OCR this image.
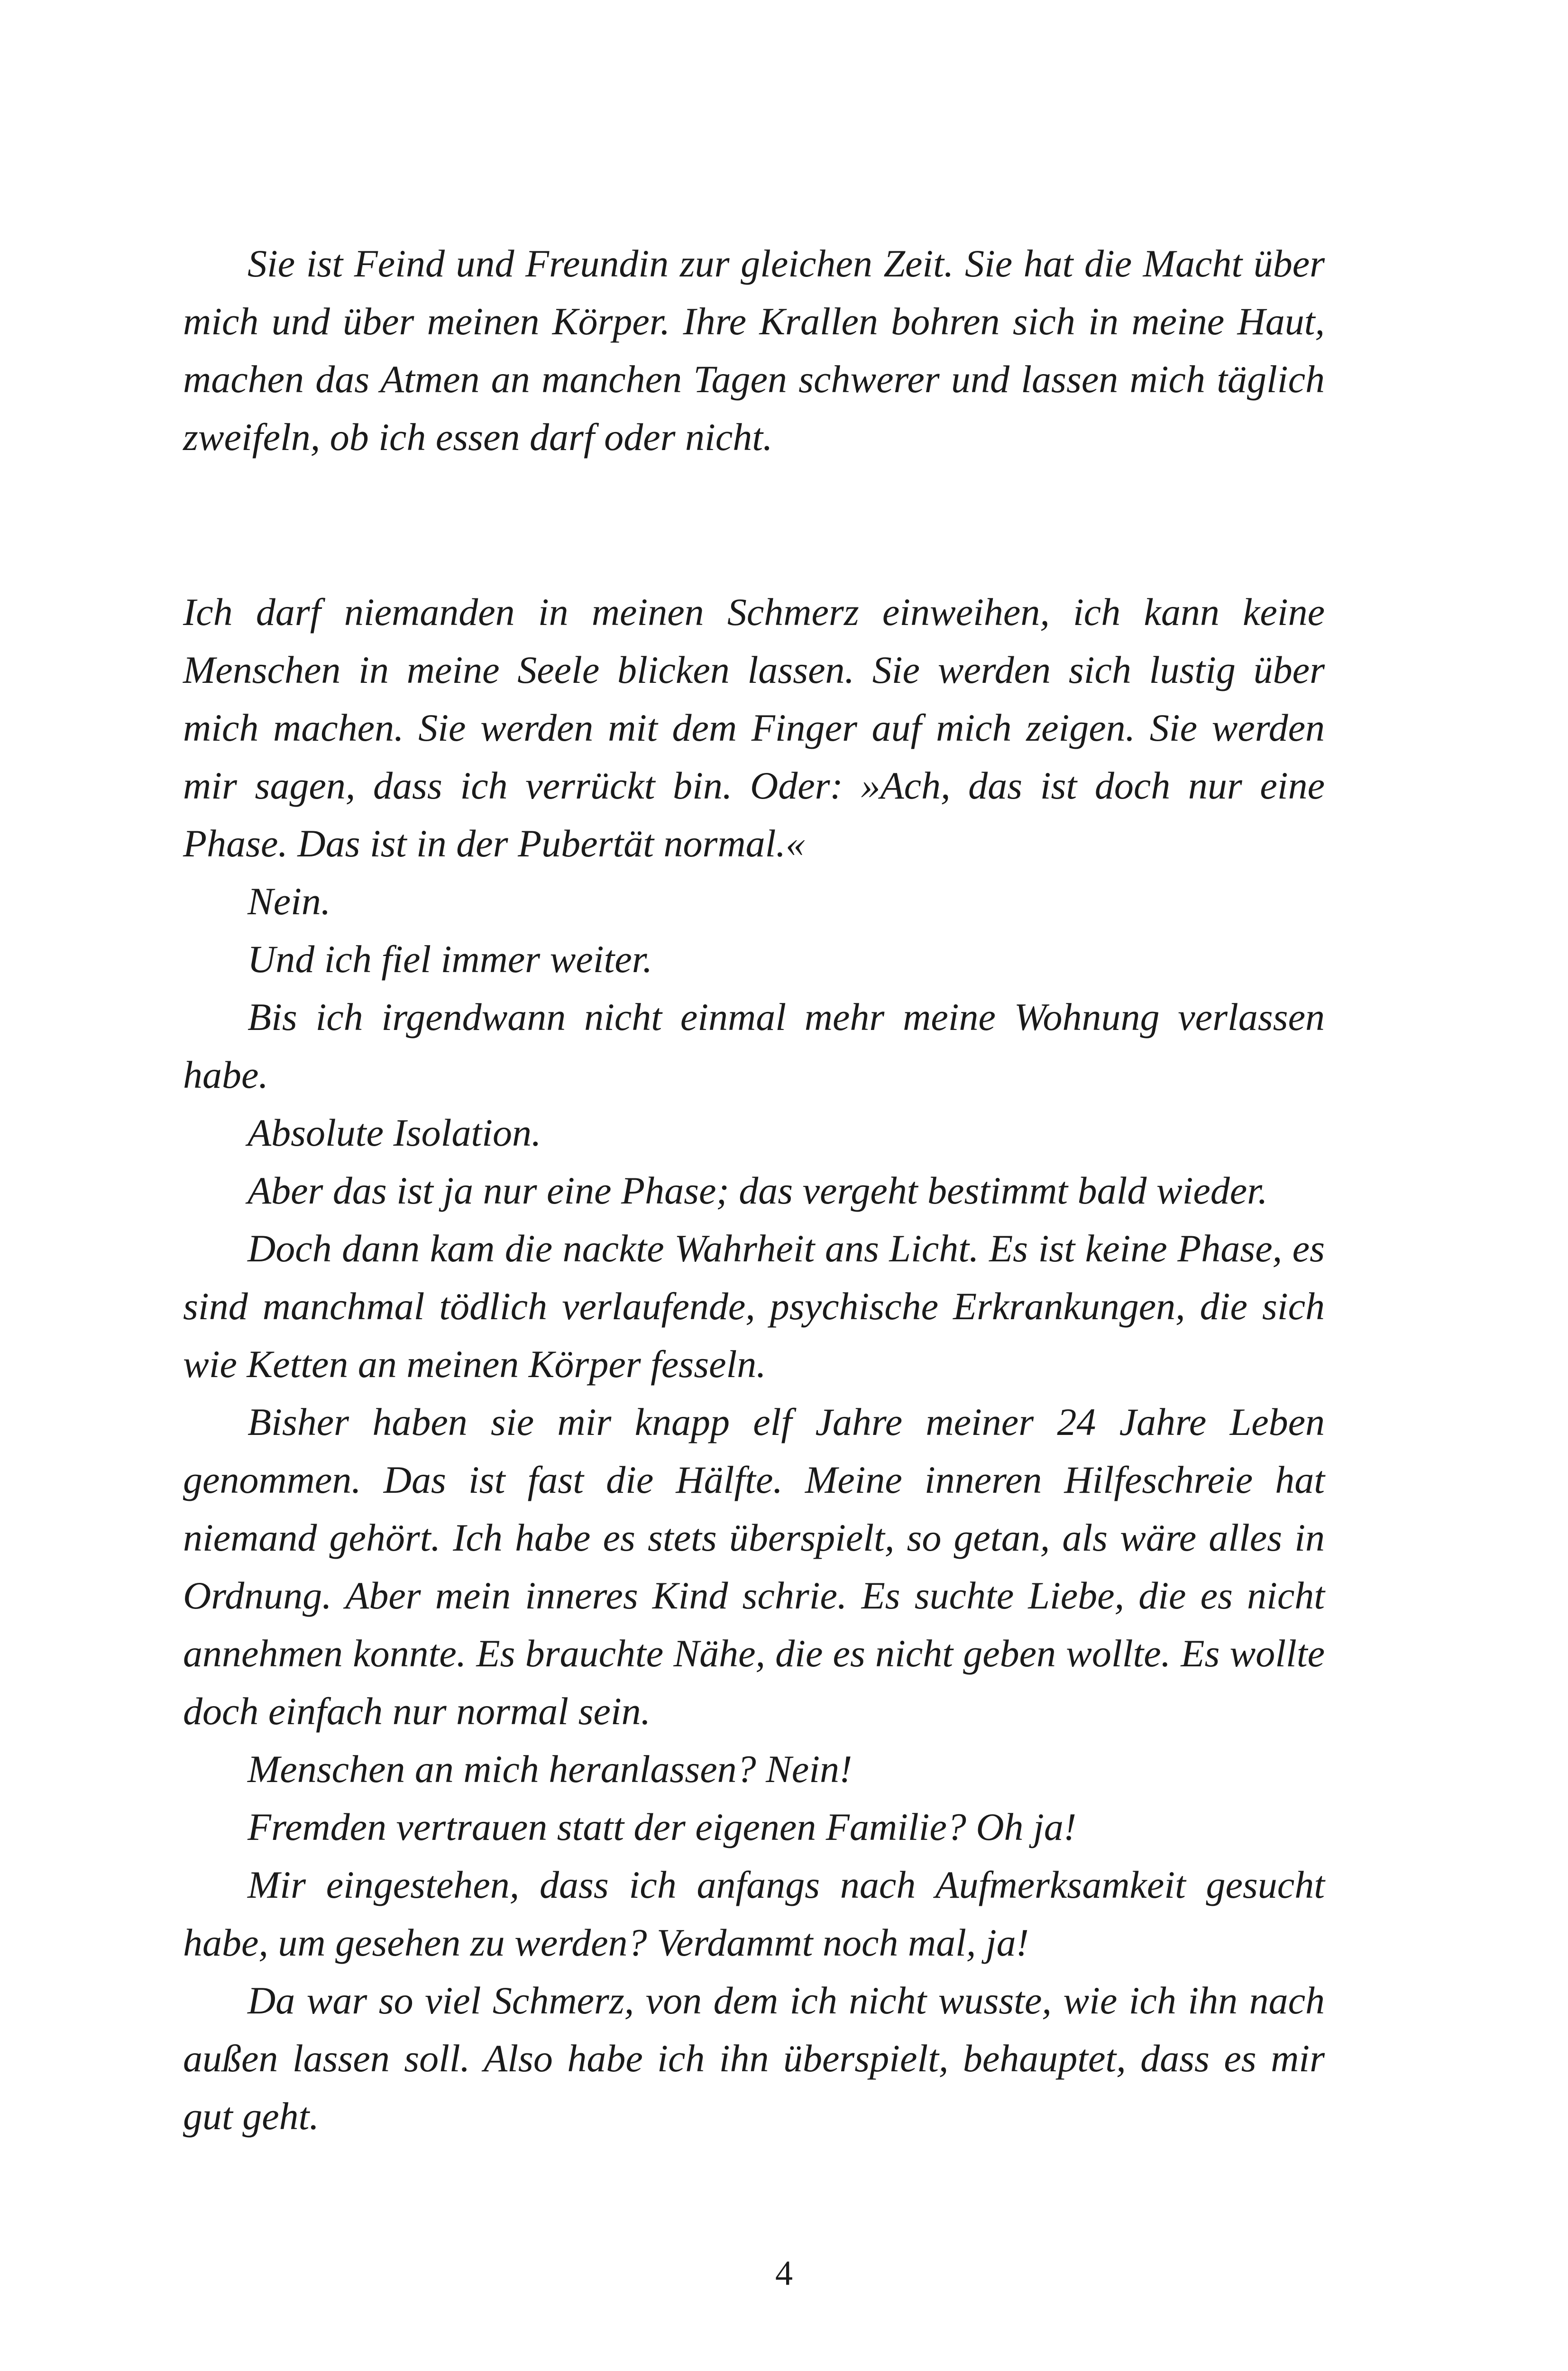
Sie ist Feind und Freundin zur gleichen Zeit. Sie hat die Macht über mich und über meinen Körper. Ihre Krallen bohren sich in meine Haut, machen das Atmen an manchen Tagen schwerer und lassen mich täglich zweifeln, ob ich essen darf oder nicht.

Ich darf niemanden in meinen Schmerz einweihen, ich kann keine Menschen in meine Seele blicken lassen. Sie werden sich lustig über mich machen. Sie werden mit dem Finger auf mich zeigen. Sie werden mir sagen, dass ich verrückt bin. Oder: »Ach, das ist doch nur eine Phase. Das ist in der Pubertät normal.«

Nein.

Und ich fiel immer weiter.

Bis ich irgendwann nicht einmal mehr meine Wohnung verlassen habe.

Absolute Isolation.

Aber das ist ja nur eine Phase; das vergeht bestimmt bald wieder.

Doch dann kam die nackte Wahrheit ans Licht. Es ist keine Phase, es sind manchmal tödlich verlaufende, psychische Erkrankungen, die sich wie Ketten an meinen Körper fesseln.

Bisher haben sie mir knapp elf Jahre meiner 24 Jahre Leben genommen. Das ist fast die Hälfte. Meine inneren Hilfeschreie hat niemand gehört. Ich habe es stets überspielt, so getan, als wäre alles in Ordnung. Aber mein inneres Kind schrie. Es suchte Liebe, die es nicht annehmen konnte. Es brauchte Nähe, die es nicht geben wollte. Es wollte doch einfach nur normal sein.

Menschen an mich heranlassen? Nein!

Fremden vertrauen statt der eigenen Familie? Oh ja!

Mir eingestehen, dass ich anfangs nach Aufmerksamkeit gesucht habe, um gesehen zu werden? Verdammt noch mal, ja!

Da war so viel Schmerz, von dem ich nicht wusste, wie ich ihn nach außen lassen soll. Also habe ich ihn überspielt, behauptet, dass es mir gut geht.

4
